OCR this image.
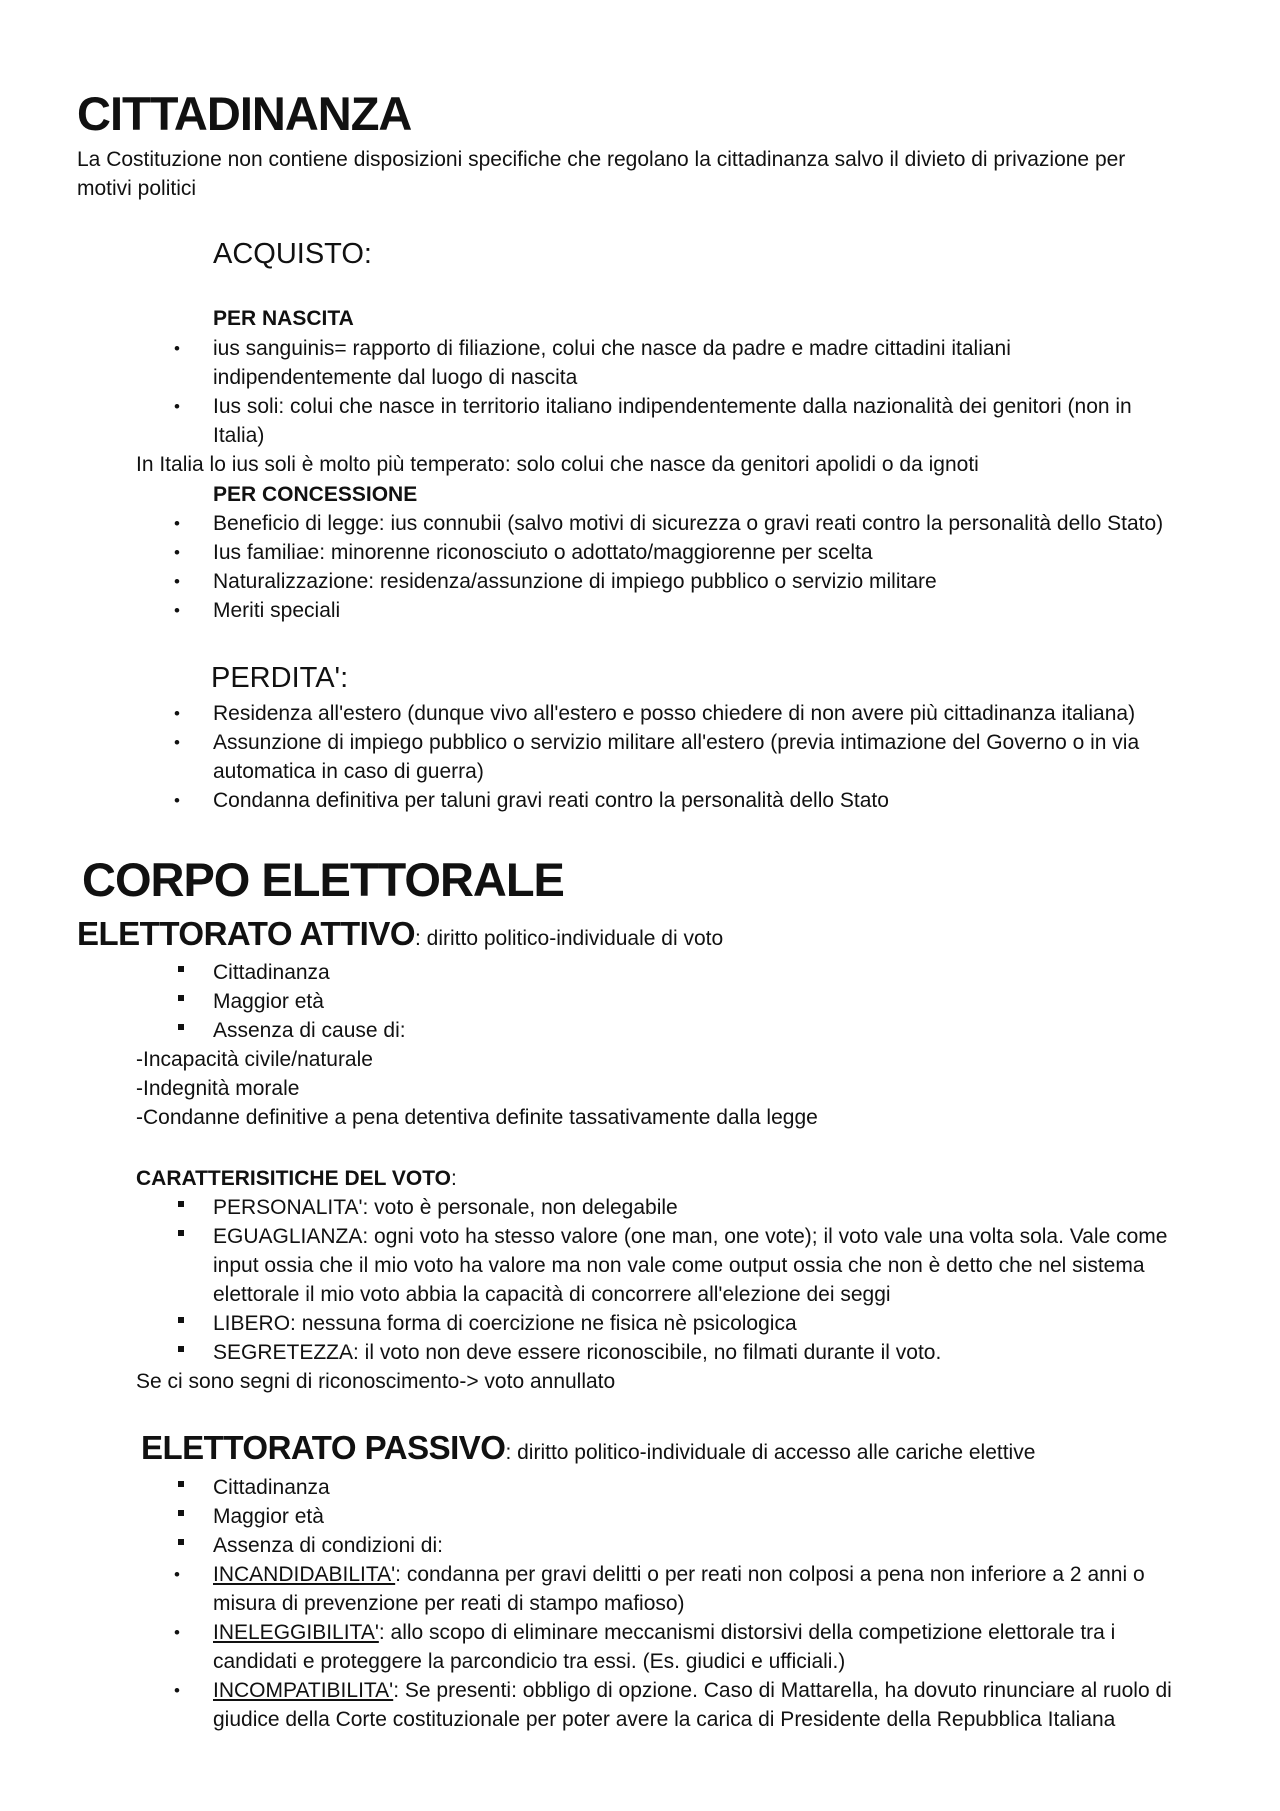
CITTADINANZA
La Costituzione non contiene disposizioni specifiche che regolano la cittadinanza salvo il divieto di privazione per
motivi politici
ACQUISTO:
PER NASCITA
• ius sanguinis= rapporto di filiazione, colui che nasce da padre e madre cittadini italiani
indipendentemente dal luogo di nascita
• Ius soli: colui che nasce in territorio italiano indipendentemente dalla nazionalità dei genitori (non in
Italia)
In Italia lo ius soli è molto più temperato: solo colui che nasce da genitori apolidi o da ignoti
PER CONCESSIONE
• Beneficio di legge: ius connubii (salvo motivi di sicurezza o gravi reati contro la personalità dello Stato)
• Ius familiae: minorenne riconosciuto o adottato/maggiorenne per scelta
• Naturalizzazione: residenza/assunzione di impiego pubblico o servizio militare
• Meriti speciali
PERDITA':
• Residenza all'estero (dunque vivo all'estero e posso chiedere di non avere più cittadinanza italiana)
• Assunzione di impiego pubblico o servizio militare all'estero (previa intimazione del Governo o in via
automatica in caso di guerra)
• Condanna definitiva per taluni gravi reati contro la personalità dello Stato
CORPO ELETTORALE
ELETTORATO ATTIVO: diritto politico-individuale di voto
Cittadinanza
Maggior età
Assenza di cause di:
-Incapacità civile/naturale
-Indegnità morale
-Condanne definitive a pena detentiva definite tassativamente dalla legge
CARATTERISITICHE DEL VOTO:
PERSONALITA': voto è personale, non delegabile
EGUAGLIANZA: ogni voto ha stesso valore (one man, one vote); il voto vale una volta sola. Vale come
input ossia che il mio voto ha valore ma non vale come output ossia che non è detto che nel sistema
elettorale il mio voto abbia la capacità di concorrere all'elezione dei seggi
LIBERO: nessuna forma di coercizione ne fisica nè psicologica
SEGRETEZZA: il voto non deve essere riconoscibile, no filmati durante il voto.
Se ci sono segni di riconoscimento-> voto annullato
ELETTORATO PASSIVO: diritto politico-individuale di accesso alle cariche elettive
Cittadinanza
Maggior età
Assenza di condizioni di:
• INCANDIDABILITA': condanna per gravi delitti o per reati non colposi a pena non inferiore a 2 anni o
misura di prevenzione per reati di stampo mafioso)
• INELEGGIBILITA': allo scopo di eliminare meccanismi distorsivi della competizione elettorale tra i
candidati e proteggere la parcondicio tra essi. (Es. giudici e ufficiali.)
• INCOMPATIBILITA': Se presenti: obbligo di opzione. Caso di Mattarella, ha dovuto rinunciare al ruolo di
giudice della Corte costituzionale per poter avere la carica di Presidente della Repubblica Italiana
